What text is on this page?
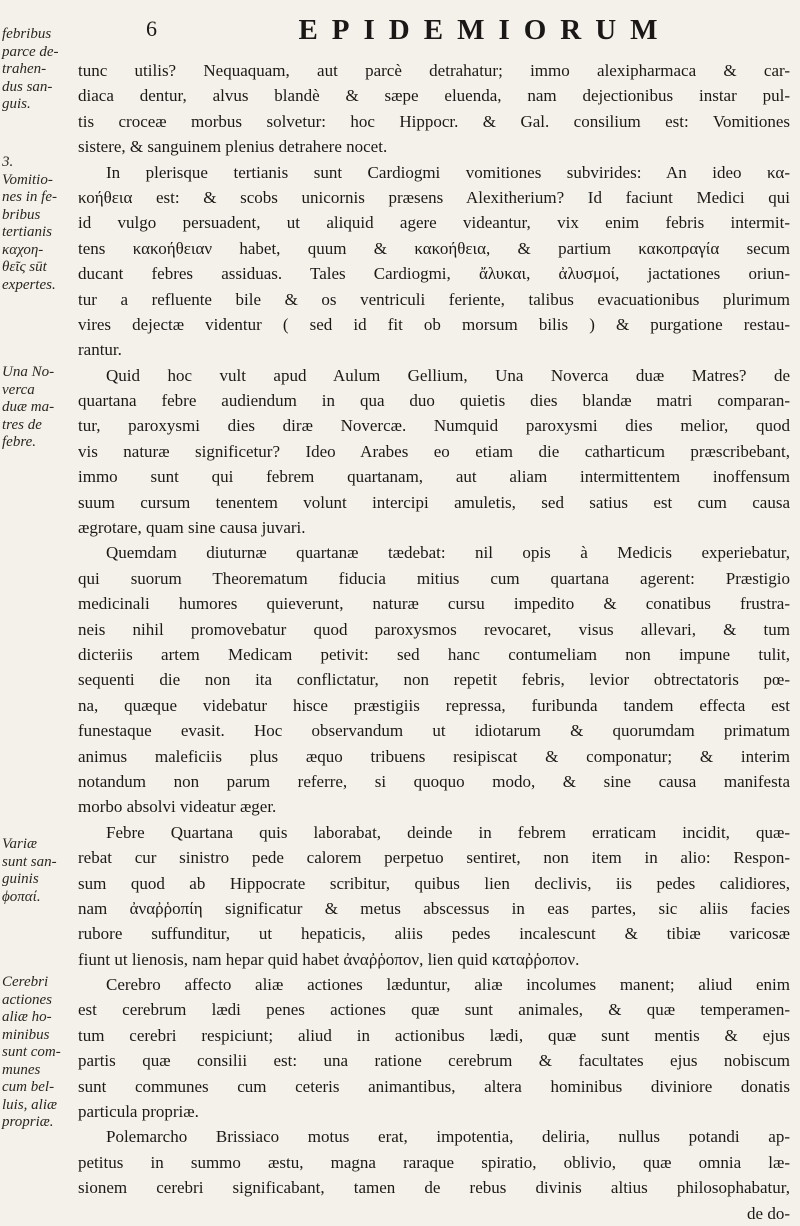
6	EPIDEMIORUM
febribus
parce de-
trahen-
dus san-
guis.
3.
Vomitio-
nes in fe-
bribus
tertianis
καχοη-
θεῖς sūt
expertes.
Una No-
verca
duæ ma-
tres de
febre.
Variæ
sunt san-
guinis
ϕοπαί.
Cerebri
actiones
aliæ ho-
minibus
sunt com-
munes
cum bel-
luis, aliæ
propriæ.
tunc utilis? Nequaquam, aut parcè detrahatur; immo alexipharmaca & car-
diaca dentur, alvus blandè & sæpe eluenda, nam dejectionibus instar pul-
tis croceæ morbus solvetur: hoc Hippocr. & Gal. consilium est: Vomitiones
sistere, & sanguinem plenius detrahere nocet.
In plerisque tertianis sunt Cardiogmi vomitiones subvirides: An ideo κα-
κοήθεια est: & scobs unicornis præsens Alexitherium? Id faciunt Medici qui
id vulgo persuadent, ut aliquid agere videantur, vix enim febris intermit-
tens κακοήθειαν habet, quum & κακοήθεια, & partium κακοπραγία secum
ducant febres assiduas. Tales Cardiogmi, ἄλυκαι, ἀλυσμοί, jactationes oriun-
tur a refluente bile & os ventriculi feriente, talibus evacuationibus plurimum
vires dejectæ videntur ( sed id fit ob morsum bilis ) & purgatione restau-
rantur.
Quid hoc vult apud Aulum Gellium, Una Noverca duæ Matres? de
quartana febre audiendum in qua duo quietis dies blandæ matri comparan-
tur, paroxysmi dies diræ Novercæ. Numquid paroxysmi dies melior, quod
vis naturæ significetur? Ideo Arabes eo etiam die catharticum præscribebant,
immo sunt qui febrem quartanam, aut aliam intermittentem inoffensum
suum cursum tenentem volunt intercipi amuletis, sed satius est cum causa
ægrotare, quam sine causa juvari.
Quemdam diuturnæ quartanæ tædebat: nil opis à Medicis experiebatur,
qui suorum Theorematum fiducia mitius cum quartana agerent: Præstigio
medicinali humores quieverunt, naturæ cursu impedito & conatibus frustra-
neis nihil promovebatur quod paroxysmos revocaret, visus allevari, & tum
dicteriis artem Medicam petivit: sed hanc contumeliam non impune tulit,
sequenti die non ita conflictatur, non repetit febris, levior obtrectatoris pœ-
na, quæque videbatur hisce præstigiis repressa, furibunda tandem effecta est
funestaque evasit. Hoc observandum ut idiotarum & quorumdam primatum
animus maleficiis plus æquo tribuens resipiscat & componatur; & interim
notandum non parum referre, si quoquo modo, & sine causa manifesta
morbo absolvi videatur æger.
Febre Quartana quis laborabat, deinde in febrem erraticam incidit, quæ-
rebat cur sinistro pede calorem perpetuo sentiret, non item in alio: Respon-
sum quod ab Hippocrate scribitur, quibus lien declivis, iis pedes calidiores,
nam ἀναῤῥοπίη significatur & metus abscessus in eas partes, sic aliis facies
rubore suffunditur, ut hepaticis, aliis pedes incalescunt & tibiæ varicosæ
fiunt ut lienosis, nam hepar quid habet ἀναῤῥοπον, lien quid καταῤῥοπον.
Cerebro affecto aliæ actiones læduntur, aliæ incolumes manent; aliud enim
est cerebrum lædi penes actiones quæ sunt animales, & quæ temperamen-
tum cerebri respiciunt; aliud in actionibus lædi, quæ sunt mentis & ejus
partis quæ consilii est: una ratione cerebrum & facultates ejus nobiscum
sunt communes cum ceteris animantibus, altera hominibus diviniore donatis
particula propriæ.
Polemarcho Brissiaco motus erat, impotentia, deliria, nullus potandi ap-
petitus in summo æstu, magna raraque spiratio, oblivio, quæ omnia læ-
sionem cerebri significabant, tamen de rebus divinis altius philosophabatur,
de do-
